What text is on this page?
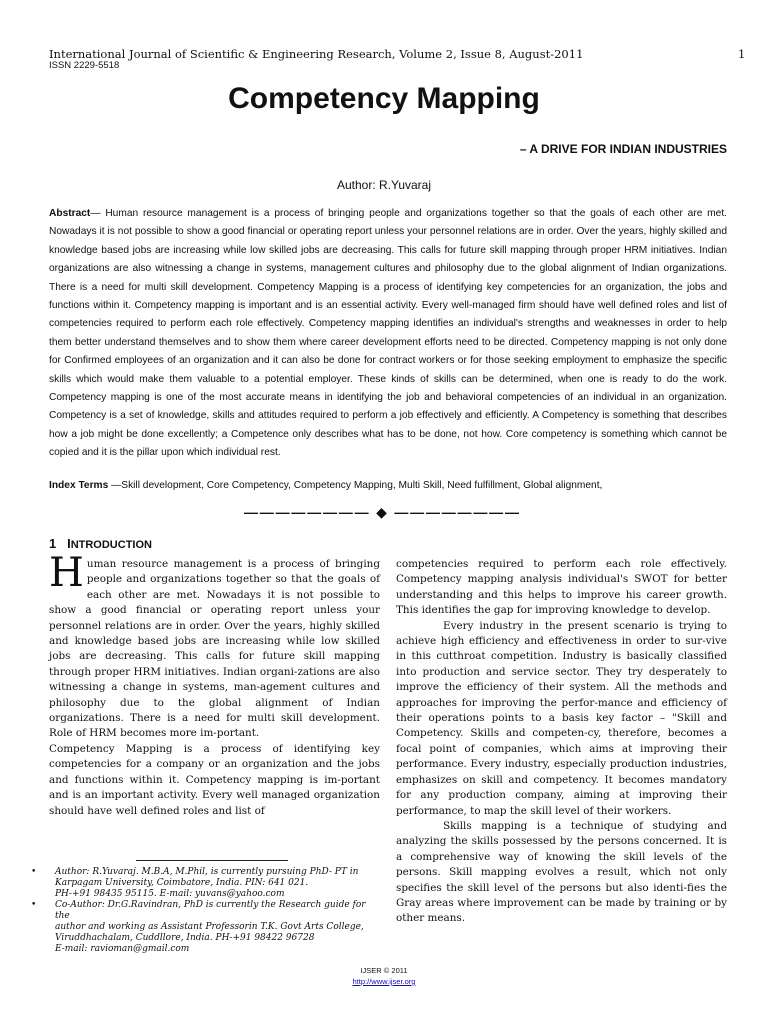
International Journal of Scientific & Engineering Research, Volume 2, Issue 8, August-2011
ISSN 2229-5518
1
Competency Mapping
– A DRIVE FOR INDIAN INDUSTRIES
Author: R.Yuvaraj
Abstract— Human resource management is a process of bringing people and organizations together so that the goals of each other are met. Nowadays it is not possible to show a good financial or operating report unless your personnel relations are in order. Over the years, highly skilled and knowledge based jobs are increasing while low skilled jobs are decreasing. This calls for future skill mapping through proper HRM initiatives. Indian organizations are also witnessing a change in systems, management cultures and philosophy due to the global alignment of Indian organizations. There is a need for multi skill development. Competency Mapping is a process of identifying key competencies for an organization, the jobs and functions within it. Competency mapping is important and is an essential activity. Every well-managed firm should have well defined roles and list of competencies required to perform each role effectively. Competency mapping identifies an individual's strengths and weaknesses in order to help them better understand themselves and to show them where career development efforts need to be directed. Competency mapping is not only done for Confirmed employees of an organization and it can also be done for contract workers or for those seeking employment to emphasize the specific skills which would make them valuable to a potential employer. These kinds of skills can be determined, when one is ready to do the work. Competency mapping is one of the most accurate means in identifying the job and behavioral competencies of an individual in an organization. Competency is a set of knowledge, skills and attitudes required to perform a job effectively and efficiently. A Competency is something that describes how a job might be done excellently; a Competence only describes what has to be done, not how. Core competency is something which cannot be copied and it is the pillar upon which individual rest.
Index Terms —Skill development, Core Competency, Competency Mapping, Multi Skill, Need fulfillment, Global alignment,
———————— ◆ ————————
1 INTRODUCTION

Human resource management is a process of bringing people and organizations together so that the goals of each other are met. Nowadays it is not possible to show a good financial or operating report unless your personnel relations are in order. Over the years, highly skilled and knowledge based jobs are increasing while low skilled jobs are decreasing. This calls for future skill mapping through proper HRM initiatives. Indian organi-zations are also witnessing a change in systems, man-agement cultures and philosophy due to the global alignment of Indian organizations. There is a need for multi skill development. Role of HRM becomes more im-portant.

Competency Mapping is a process of identifying key competencies for a company or an organization and the jobs and functions within it. Competency mapping is im-portant and is an important activity. Every well managed organization should have well defined roles and list of

competencies required to perform each role effectively. Competency mapping analysis individual's SWOT for better understanding and this helps to improve his career growth. This identifies the gap for improving knowledge to develop.

Every industry in the present scenario is trying to achieve high efficiency and effectiveness in order to sur-vive in this cutthroat competition. Industry is basically classified into production and service sector. They try desperately to improve the efficiency of their system. All the methods and approaches for improving the perfor-mance and efficiency of their operations points to a basis key factor – "Skill and Competency. Skills and competen-cy, therefore, becomes a focal point of companies, which aims at improving their performance. Every industry, especially production industries, emphasizes on skill and competency. It becomes mandatory for any production company, aiming at improving their performance, to map the skill level of their workers.

Skills mapping is a technique of studying and analyzing the skills possessed by the persons concerned. It is a comprehensive way of knowing the skill levels of the persons. Skill mapping evolves a result, which not only specifies the skill level of the persons but also identi-fies the Gray areas where improvement can be made by training or by other means.

• Author: R.Yuvaraj. M.B.A, M.Phil, is currently pursuing PhD- PT in
Karpagam University, Coimbatore, India. PIN: 641 021.
PH-+91 98435 95115. E-mail: yuvans@yahoo.com
• Co-Author: Dr.G.Ravindran, PhD is currently the Research guide for the
author and working as Assistant Professorin T.K. Govt Arts College,
Viruddhachalam, Cuddllore, India. PH-+91 98422 96728
E-mail: ravioman@gmail.com
IJSER © 2011
http://www.ijser.org
